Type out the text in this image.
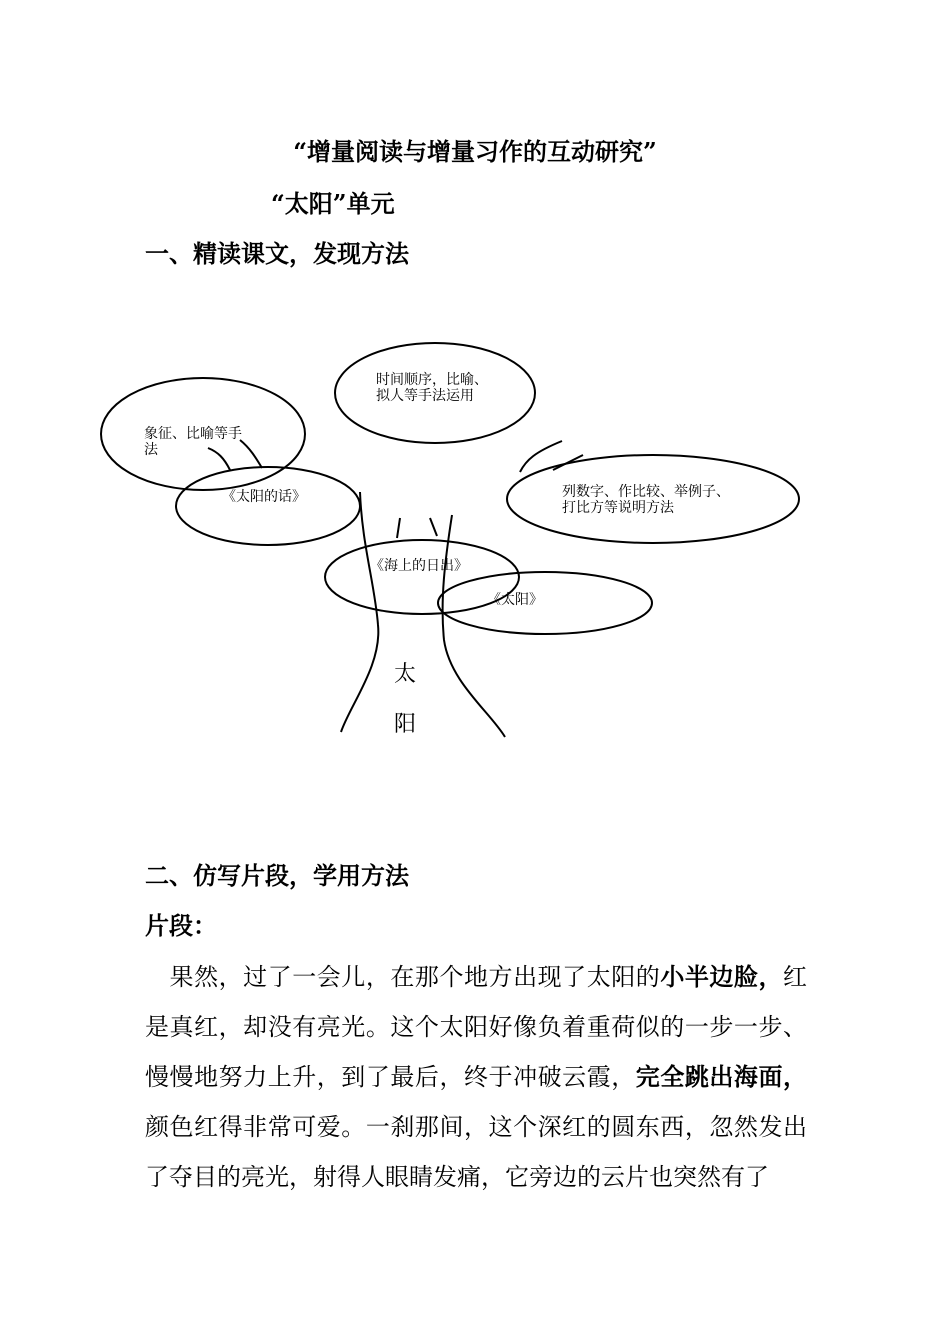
“增量阅读与增量习作的互动研究”
“太阳”单元
一、精读课文，发现方法
时间顺序，比喻、
拟人等手法运用
象征、比喻等手
法
《太阳的话》	列数字、作比较、举例子、
打比方等说明方法
《海上的日出》
《太阳》
太
阳
二、仿写片段，学用方法
片段：
果然，过了一会儿，在那个地方出现了太阳的小半边脸，红是真红，却没有亮光。这个太阳好像负着重荷似的一步一步、慢慢地努力上升，到了最后，终于冲破云霞，完全跳出海面，颜色红得非常可爱。一刹那间，这个深红的圆东西，忽然发出了夺目的亮光，射得人眼睛发痛，它旁边的云片也突然有了
